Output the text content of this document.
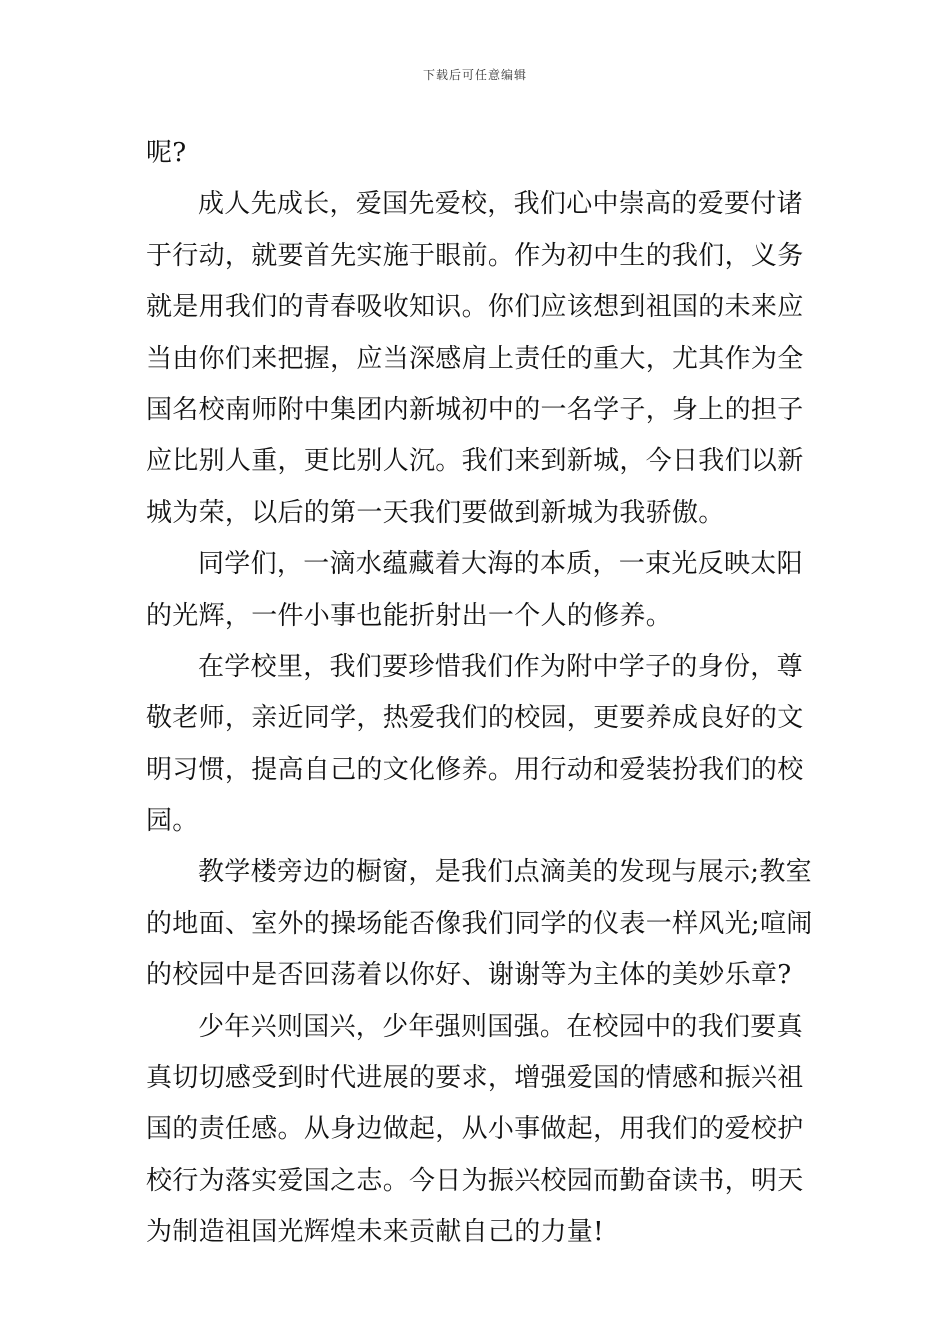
下载后可任意编辑
呢?
成人先成长，爱国先爱校，我们心中崇高的爱要付诸
于行动，就要首先实施于眼前。作为初中生的我们，义务
就是用我们的青春吸收知识。你们应该想到祖国的未来应
当由你们来把握，应当深感肩上责任的重大，尤其作为全
国名校南师附中集团内新城初中的一名学子，身上的担子
应比别人重，更比别人沉。我们来到新城，今日我们以新
城为荣，以后的第一天我们要做到新城为我骄傲。
同学们，一滴水蕴藏着大海的本质，一束光反映太阳
的光辉，一件小事也能折射出一个人的修养。
在学校里，我们要珍惜我们作为附中学子的身份，尊
敬老师，亲近同学，热爱我们的校园，更要养成良好的文
明习惯，提高自己的文化修养。用行动和爱装扮我们的校
园。
教学楼旁边的橱窗，是我们点滴美的发现与展示;教室
的地面、室外的操场能否像我们同学的仪表一样风光;喧闹
的校园中是否回荡着以你好、谢谢等为主体的美妙乐章?
少年兴则国兴，少年强则国强。在校园中的我们要真
真切切感受到时代进展的要求，增强爱国的情感和振兴祖
国的责任感。从身边做起，从小事做起，用我们的爱校护
校行为落实爱国之志。今日为振兴校园而勤奋读书，明天
为制造祖国光辉煌未来贡献自己的力量!
